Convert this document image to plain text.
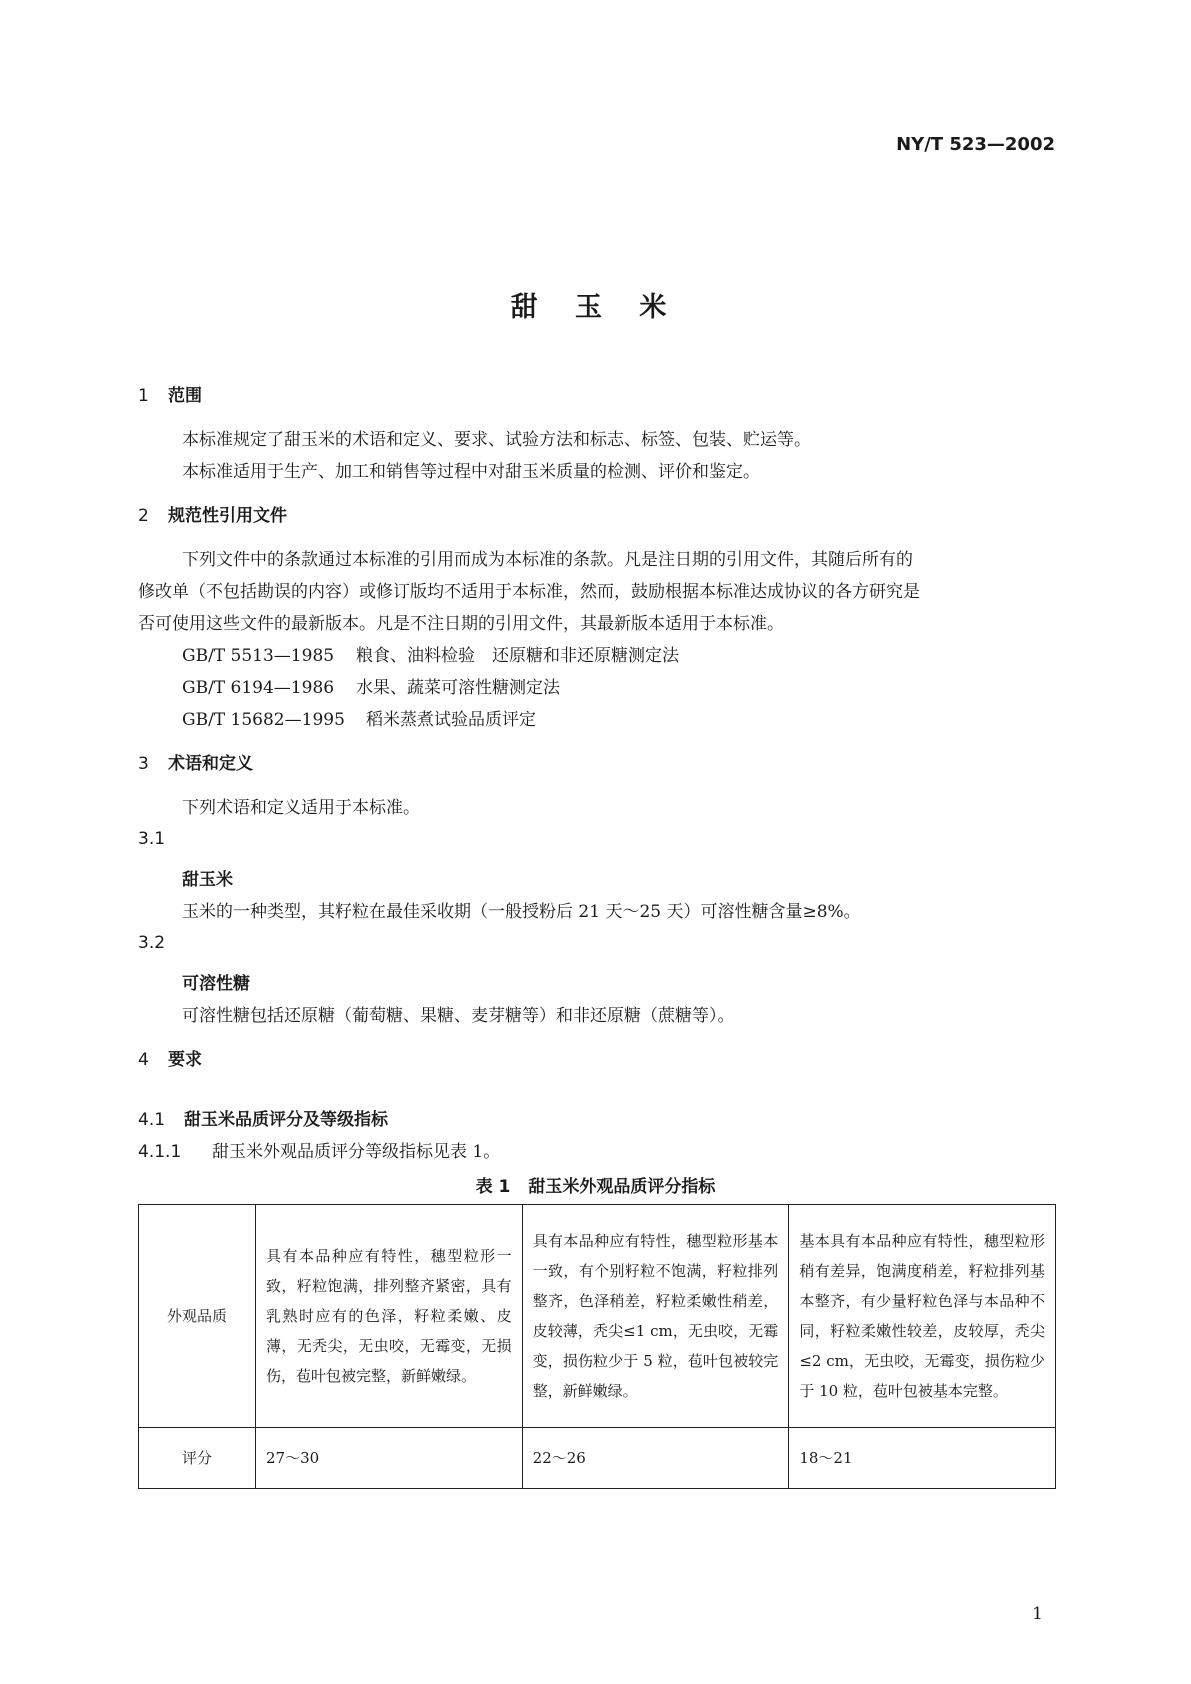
NY/T 523—2002
甜 玉 米
1 范围
本标准规定了甜玉米的术语和定义、要求、试验方法和标志、标签、包装、贮运等。
本标准适用于生产、加工和销售等过程中对甜玉米质量的检测、评价和鉴定。
2 规范性引用文件
下列文件中的条款通过本标准的引用而成为本标准的条款。凡是注日期的引用文件，其随后所有的
修改单（不包括勘误的内容）或修订版均不适用于本标准，然而，鼓励根据本标准达成协议的各方研究是
否可使用这些文件的最新版本。凡是不注日期的引用文件，其最新版本适用于本标准。
GB/T 5513—1985 粮食、油料检验　还原糖和非还原糖测定法
GB/T 6194—1986 水果、蔬菜可溶性糖测定法
GB/T 15682—1995 稻米蒸煮试验品质评定
3 术语和定义
下列术语和定义适用于本标准。
3.1
甜玉米
玉米的一种类型，其籽粒在最佳采收期（一般授粉后 21 天～25 天）可溶性糖含量≥8%。
3.2
可溶性糖
可溶性糖包括还原糖（葡萄糖、果糖、麦芽糖等）和非还原糖（蔗糖等）。
4 要求
4.1 甜玉米品质评分及等级指标
4.1.1 甜玉米外观品质评分等级指标见表 1。
表 1 甜玉米外观品质评分指标
外观品质	具有本品种应有特性，穗型粒形一致，籽粒饱满，排列整齐紧密，具有乳熟时应有的色泽，籽粒柔嫩、皮薄，无秃尖，无虫咬，无霉变，无损伤，苞叶包被完整，新鲜嫩绿。	具有本品种应有特性，穗型粒形基本一致，有个别籽粒不饱满，籽粒排列整齐，色泽稍差，籽粒柔嫩性稍差，皮较薄，秃尖≤1 cm，无虫咬，无霉变，损伤粒少于 5 粒，苞叶包被较完整，新鲜嫩绿。	基本具有本品种应有特性，穗型粒形稍有差异，饱满度稍差，籽粒排列基本整齐，有少量籽粒色泽与本品种不同，籽粒柔嫩性较差，皮较厚，秃尖≤2 cm，无虫咬，无霉变，损伤粒少于 10 粒，苞叶包被基本完整。
评分	27～30	22～26	18～21
1
